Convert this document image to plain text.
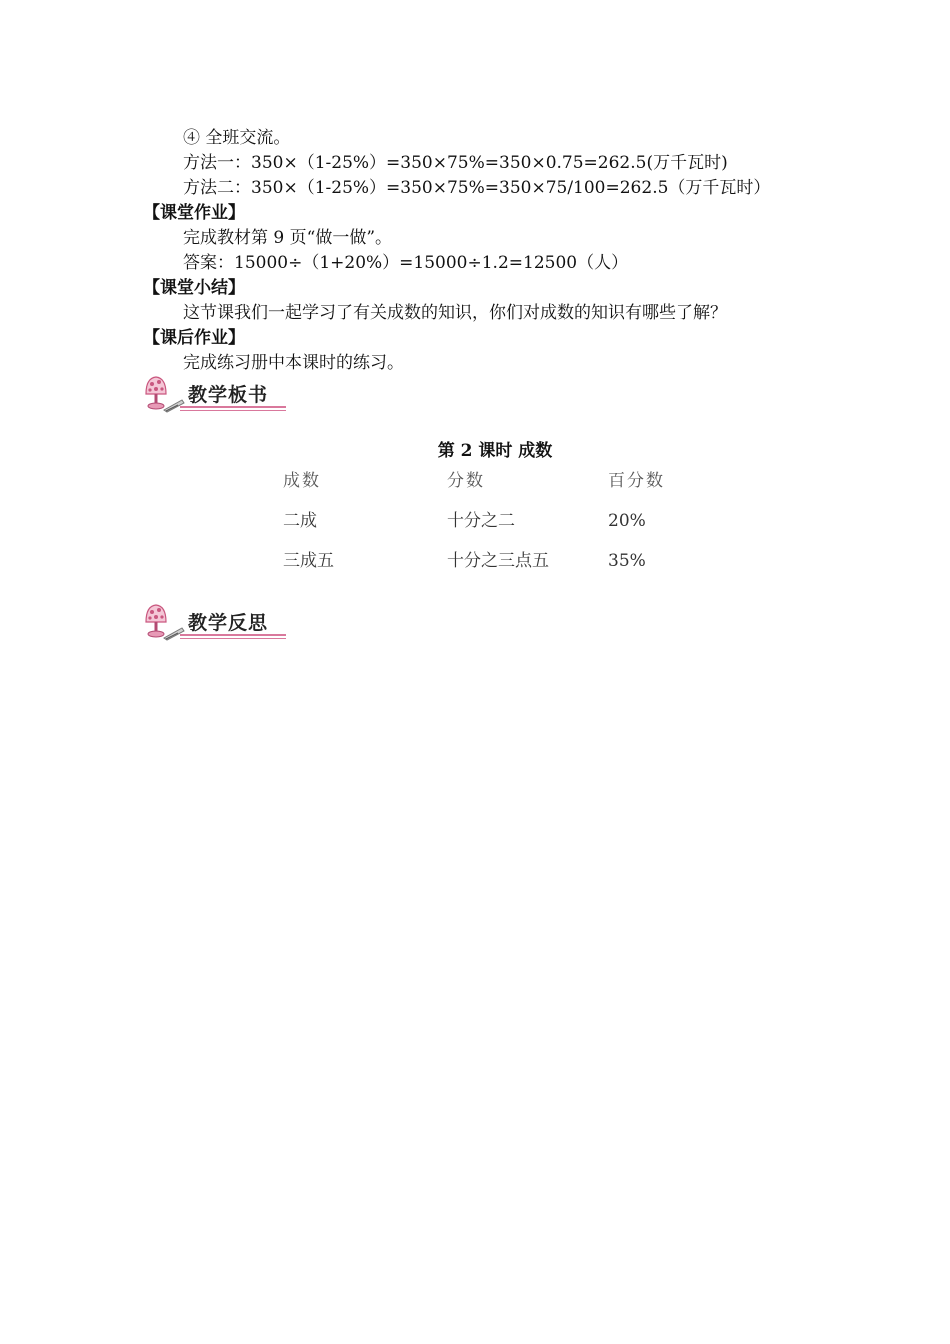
④ 全班交流。
方法一：350×（1-25%）=350×75%=350×0.75=262.5(万千瓦时)
方法二：350×（1-25%）=350×75%=350×75/100=262.5（万千瓦时）
【课堂作业】
完成教材第 9 页“做一做”。
答案：15000÷（1+20%）=15000÷1.2=12500（人）
【课堂小结】
这节课我们一起学习了有关成数的知识，你们对成数的知识有哪些了解？
【课后作业】
完成练习册中本课时的练习。
教学板书
第 2 课时 成数
成数	分数	百分数
二成	十分之二	20%
三成五	十分之三点五	35%
教学反思
